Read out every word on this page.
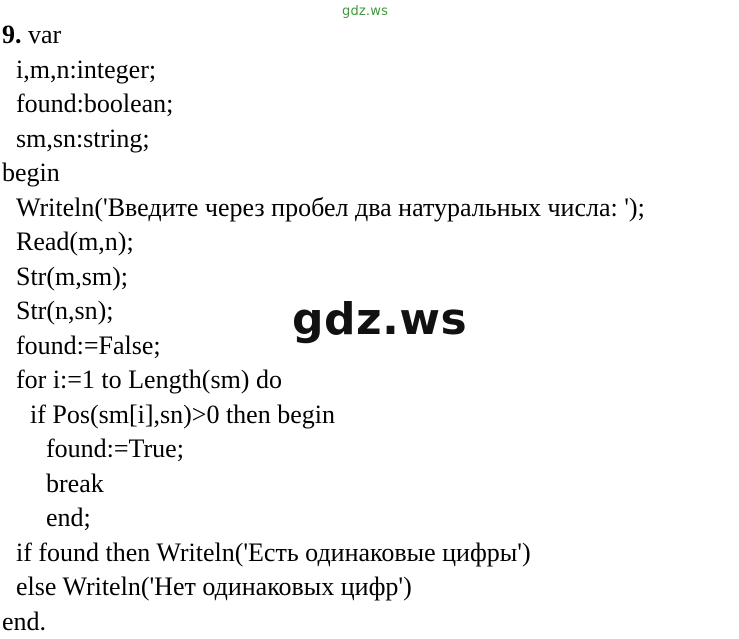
gdz.ws
9. var
i,m,n:integer;
found:boolean;
sm,sn:string;
begin
Writeln('Введите через пробел два натуральных числа: ');
Read(m,n);
Str(m,sm);
Str(n,sn);
found:=False;
for i:=1 to Length(sm) do
if Pos(sm[i],sn)>0 then begin
found:=True;
break
end;
if found then Writeln('Есть одинаковые цифры')
else Writeln('Нет одинаковых цифр')
end.
gdz.ws
